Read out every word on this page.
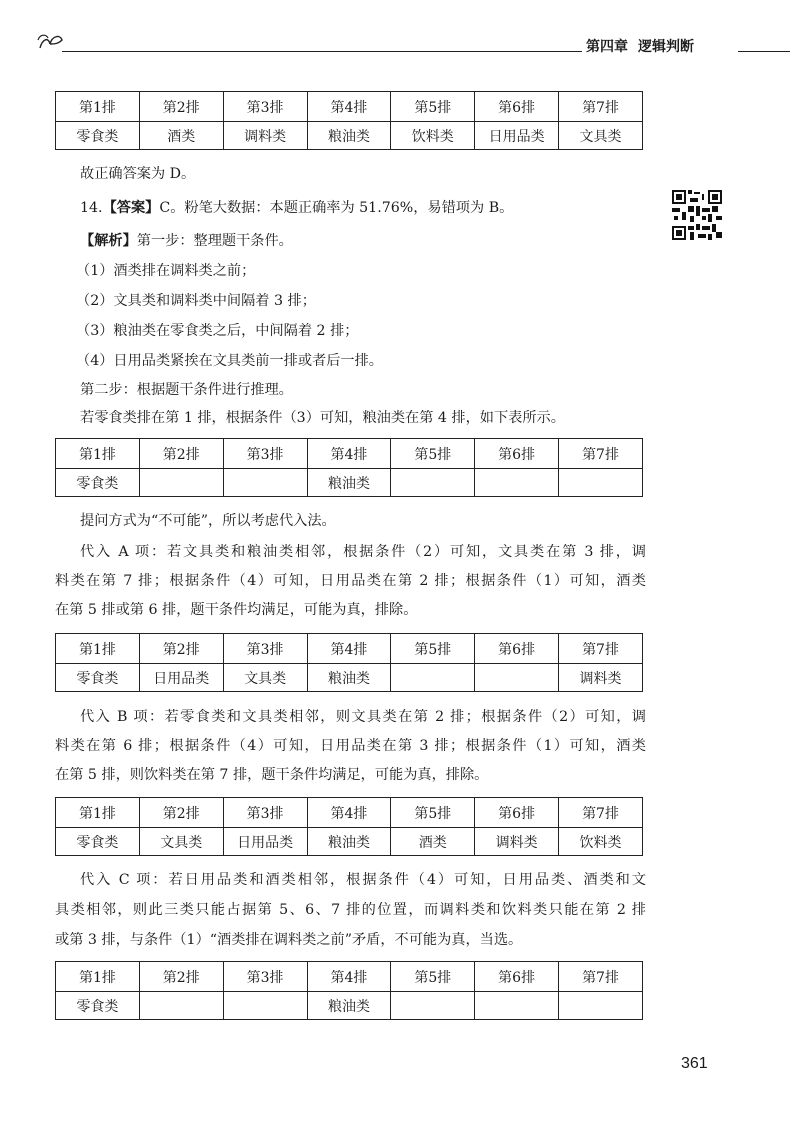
第四章 逻辑判断
第1排	第2排	第3排	第4排	第5排	第6排	第7排
零食类	酒类	调料类	粮油类	饮料类	日用品类	文具类
故正确答案为 D。
14.【答案】C。粉笔大数据：本题正确率为 51.76%，易错项为 B。
【解析】第一步：整理题干条件。
（1）酒类排在调料类之前；
（2）文具类和调料类中间隔着 3 排；
（3）粮油类在零食类之后，中间隔着 2 排；
（4）日用品类紧挨在文具类前一排或者后一排。
第二步：根据题干条件进行推理。
若零食类排在第 1 排，根据条件（3）可知，粮油类在第 4 排，如下表所示。
第1排	第2排	第3排	第4排	第5排	第6排	第7排
零食类			粮油类			
提问方式为“不可能”，所以考虑代入法。
代入 A 项：若文具类和粮油类相邻，根据条件（2）可知，文具类在第 3 排，调
料类在第 7 排；根据条件（4）可知，日用品类在第 2 排；根据条件（1）可知，酒类
在第 5 排或第 6 排，题干条件均满足，可能为真，排除。
第1排	第2排	第3排	第4排	第5排	第6排	第7排
零食类	日用品类	文具类	粮油类			调料类
代入 B 项：若零食类和文具类相邻，则文具类在第 2 排；根据条件（2）可知，调
料类在第 6 排；根据条件（4）可知，日用品类在第 3 排；根据条件（1）可知，酒类
在第 5 排，则饮料类在第 7 排，题干条件均满足，可能为真，排除。
第1排	第2排	第3排	第4排	第5排	第6排	第7排
零食类	文具类	日用品类	粮油类	酒类	调料类	饮料类
代入 C 项：若日用品类和酒类相邻，根据条件（4）可知，日用品类、酒类和文
具类相邻，则此三类只能占据第 5、6、7 排的位置，而调料类和饮料类只能在第 2 排
或第 3 排，与条件（1）“酒类排在调料类之前”矛盾，不可能为真，当选。
第1排	第2排	第3排	第4排	第5排	第6排	第7排
零食类			粮油类			
361
